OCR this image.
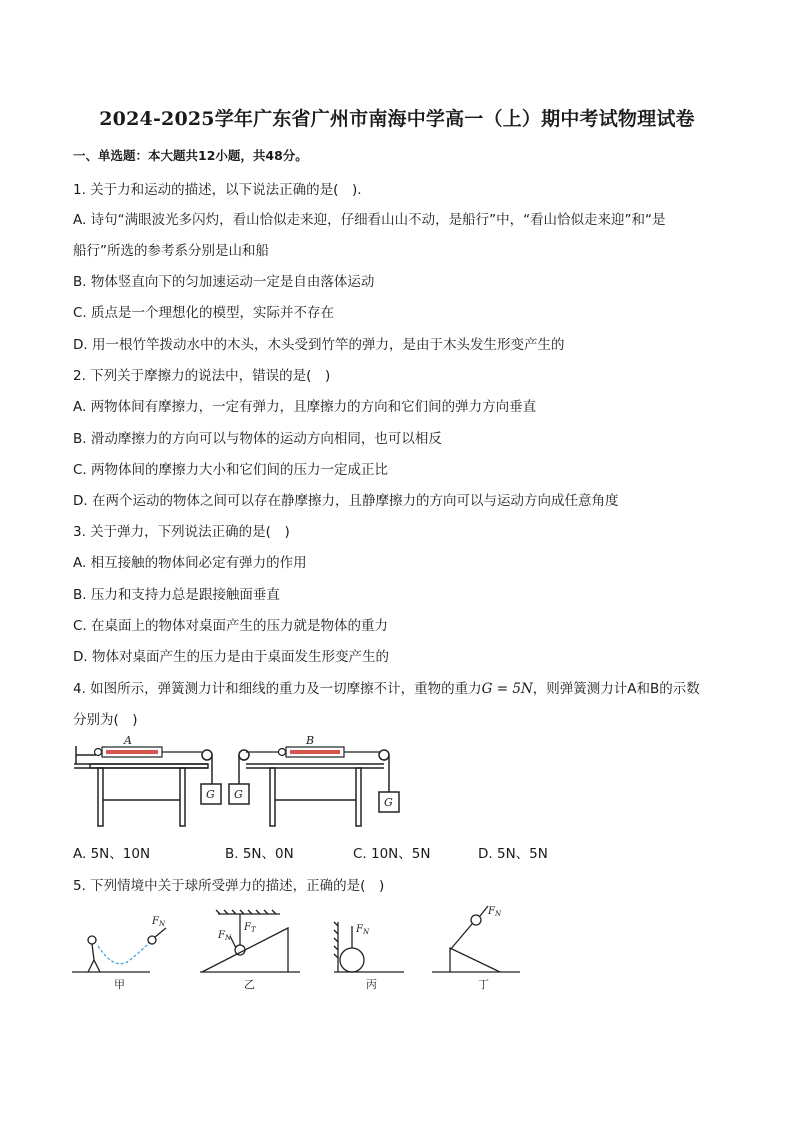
2024-2025学年广东省广州市南海中学高一（上）期中考试物理试卷
一、单选题：本大题共12小题，共48分。
1. 关于力和运动的描述，以下说法正确的是(　).
A. 诗句“满眼波光多闪灼，看山恰似走来迎，仔细看山山不动，是船行”中，“看山恰似走来迎”和“是
船行”所选的参考系分别是山和船
B. 物体竖直向下的匀加速运动一定是自由落体运动
C. 质点是一个理想化的模型，实际并不存在
D. 用一根竹竿拨动水中的木头，木头受到竹竿的弹力，是由于木头发生形变产生的
2. 下列关于摩擦力的说法中，错误的是(　)
A. 两物体间有摩擦力，一定有弹力，且摩擦力的方向和它们间的弹力方向垂直
B. 滑动摩擦力的方向可以与物体的运动方向相同，也可以相反
C. 两物体间的摩擦力大小和它们间的压力一定成正比
D. 在两个运动的物体之间可以存在静摩擦力，且静摩擦力的方向可以与运动方向成任意角度
3. 关于弹力，下列说法正确的是(　)
A. 相互接触的物体间必定有弹力的作用
B. 压力和支持力总是跟接触面垂直
C. 在桌面上的物体对桌面产生的压力就是物体的重力
D. 物体对桌面产生的压力是由于桌面发生形变产生的
4. 如图所示，弹簧测力计和细线的重力及一切摩擦不计，重物的重力G = 5N，则弹簧测力计A和B的示数
分别为(　)
A
G
B
G
G
A. 5N、10N	B. 5N、0N	C. 10N、5N	D. 5N、5N
5. 下列情境中关于球所受弹力的描述，正确的是(　)
$F_N$
甲
$F_N$
$F_T$
乙
$F_N$
丙
$F_N$
丁
